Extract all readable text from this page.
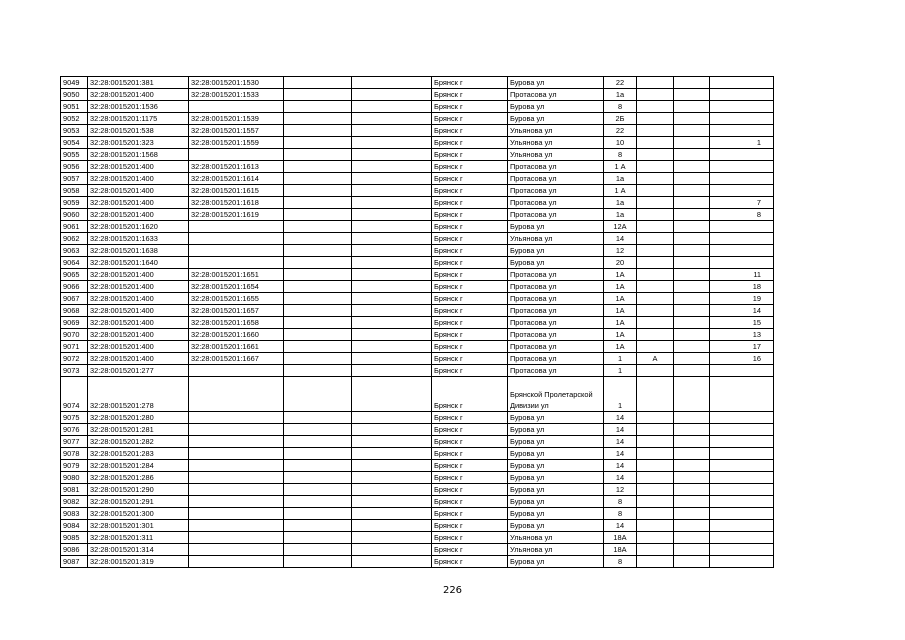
9049	32:28:0015201:381	32:28:0015201:1530			Брянск г	Бурова ул	22			
9050	32:28:0015201:400	32:28:0015201:1533			Брянск г	Протасова ул	1а			
9051	32:28:0015201:1536				Брянск г	Бурова ул	8			
9052	32:28:0015201:1175	32:28:0015201:1539			Брянск г	Бурова ул	2Б			
9053	32:28:0015201:538	32:28:0015201:1557			Брянск г	Ульянова ул	22			
9054	32:28:0015201:323	32:28:0015201:1559			Брянск г	Ульянова ул	10			1
9055	32:28:0015201:1568				Брянск г	Ульянова ул	8			
9056	32:28:0015201:400	32:28:0015201:1613			Брянск г	Протасова ул	1 А			
9057	32:28:0015201:400	32:28:0015201:1614			Брянск г	Протасова ул	1а			
9058	32:28:0015201:400	32:28:0015201:1615			Брянск г	Протасова ул	1 А			
9059	32:28:0015201:400	32:28:0015201:1618			Брянск г	Протасова ул	1а			7
9060	32:28:0015201:400	32:28:0015201:1619			Брянск г	Протасова ул	1а			8
9061	32:28:0015201:1620				Брянск г	Бурова ул	12А			
9062	32:28:0015201:1633				Брянск г	Ульянова ул	14			
9063	32:28:0015201:1638				Брянск г	Бурова ул	12			
9064	32:28:0015201:1640				Брянск г	Бурова ул	20			
9065	32:28:0015201:400	32:28:0015201:1651			Брянск г	Протасова ул	1А			11
9066	32:28:0015201:400	32:28:0015201:1654			Брянск г	Протасова ул	1А			18
9067	32:28:0015201:400	32:28:0015201:1655			Брянск г	Протасова ул	1А			19
9068	32:28:0015201:400	32:28:0015201:1657			Брянск г	Протасова ул	1А			14
9069	32:28:0015201:400	32:28:0015201:1658			Брянск г	Протасова ул	1А			15
9070	32:28:0015201:400	32:28:0015201:1660			Брянск г	Протасова ул	1А			13
9071	32:28:0015201:400	32:28:0015201:1661			Брянск г	Протасова ул	1А			17
9072	32:28:0015201:400	32:28:0015201:1667			Брянск г	Протасова ул	1	А		16
9073	32:28:0015201:277				Брянск г	Протасова ул	1			
9074	32:28:0015201:278				Брянск г	Брянской Пролетарской Дивизии ул	1			
9075	32:28:0015201:280				Брянск г	Бурова ул	14			
9076	32:28:0015201:281				Брянск г	Бурова ул	14			
9077	32:28:0015201:282				Брянск г	Бурова ул	14			
9078	32:28:0015201:283				Брянск г	Бурова ул	14			
9079	32:28:0015201:284				Брянск г	Бурова ул	14			
9080	32:28:0015201:286				Брянск г	Бурова ул	14			
9081	32:28:0015201:290				Брянск г	Бурова ул	12			
9082	32:28:0015201:291				Брянск г	Бурова ул	8			
9083	32:28:0015201:300				Брянск г	Бурова ул	8			
9084	32:28:0015201:301				Брянск г	Бурова ул	14			
9085	32:28:0015201:311				Брянск г	Ульянова ул	18А			
9086	32:28:0015201:314				Брянск г	Ульянова ул	18А			
9087	32:28:0015201:319				Брянск г	Бурова ул	8			
226
